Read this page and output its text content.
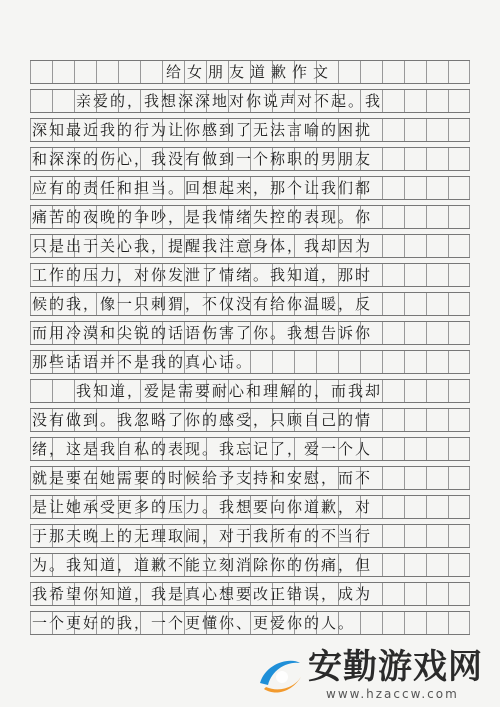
给女朋友道歉作文
亲爱的，我想深深地对你说声对不起。我
深知最近我的行为让你感到了无法言喻的困扰
和深深的伤心，我没有做到一个称职的男朋友
应有的责任和担当。回想起来，那个让我们都
痛苦的夜晚的争吵，是我情绪失控的表现。你
只是出于关心我，提醒我注意身体，我却因为
工作的压力，对你发泄了情绪。我知道，那时
候的我，像一只刺猬，不仅没有给你温暖，反
而用冷漠和尖锐的话语伤害了你。我想告诉你
那些话语并不是我的真心话。
我知道，爱是需要耐心和理解的，而我却
没有做到。我忽略了你的感受，只顾自己的情
绪，这是我自私的表现。我忘记了，爱一个人
就是要在她需要的时候给予支持和安慰，而不
是让她承受更多的压力。我想要向你道歉，对
于那天晚上的无理取闹，对于我所有的不当行
为。我知道，道歉不能立刻消除你的伤痛，但
我希望你知道，我是真心想要改正错误，成为
一个更好的我，一个更懂你、更爱你的人。
安勤游戏网
www.hzaccw.com
